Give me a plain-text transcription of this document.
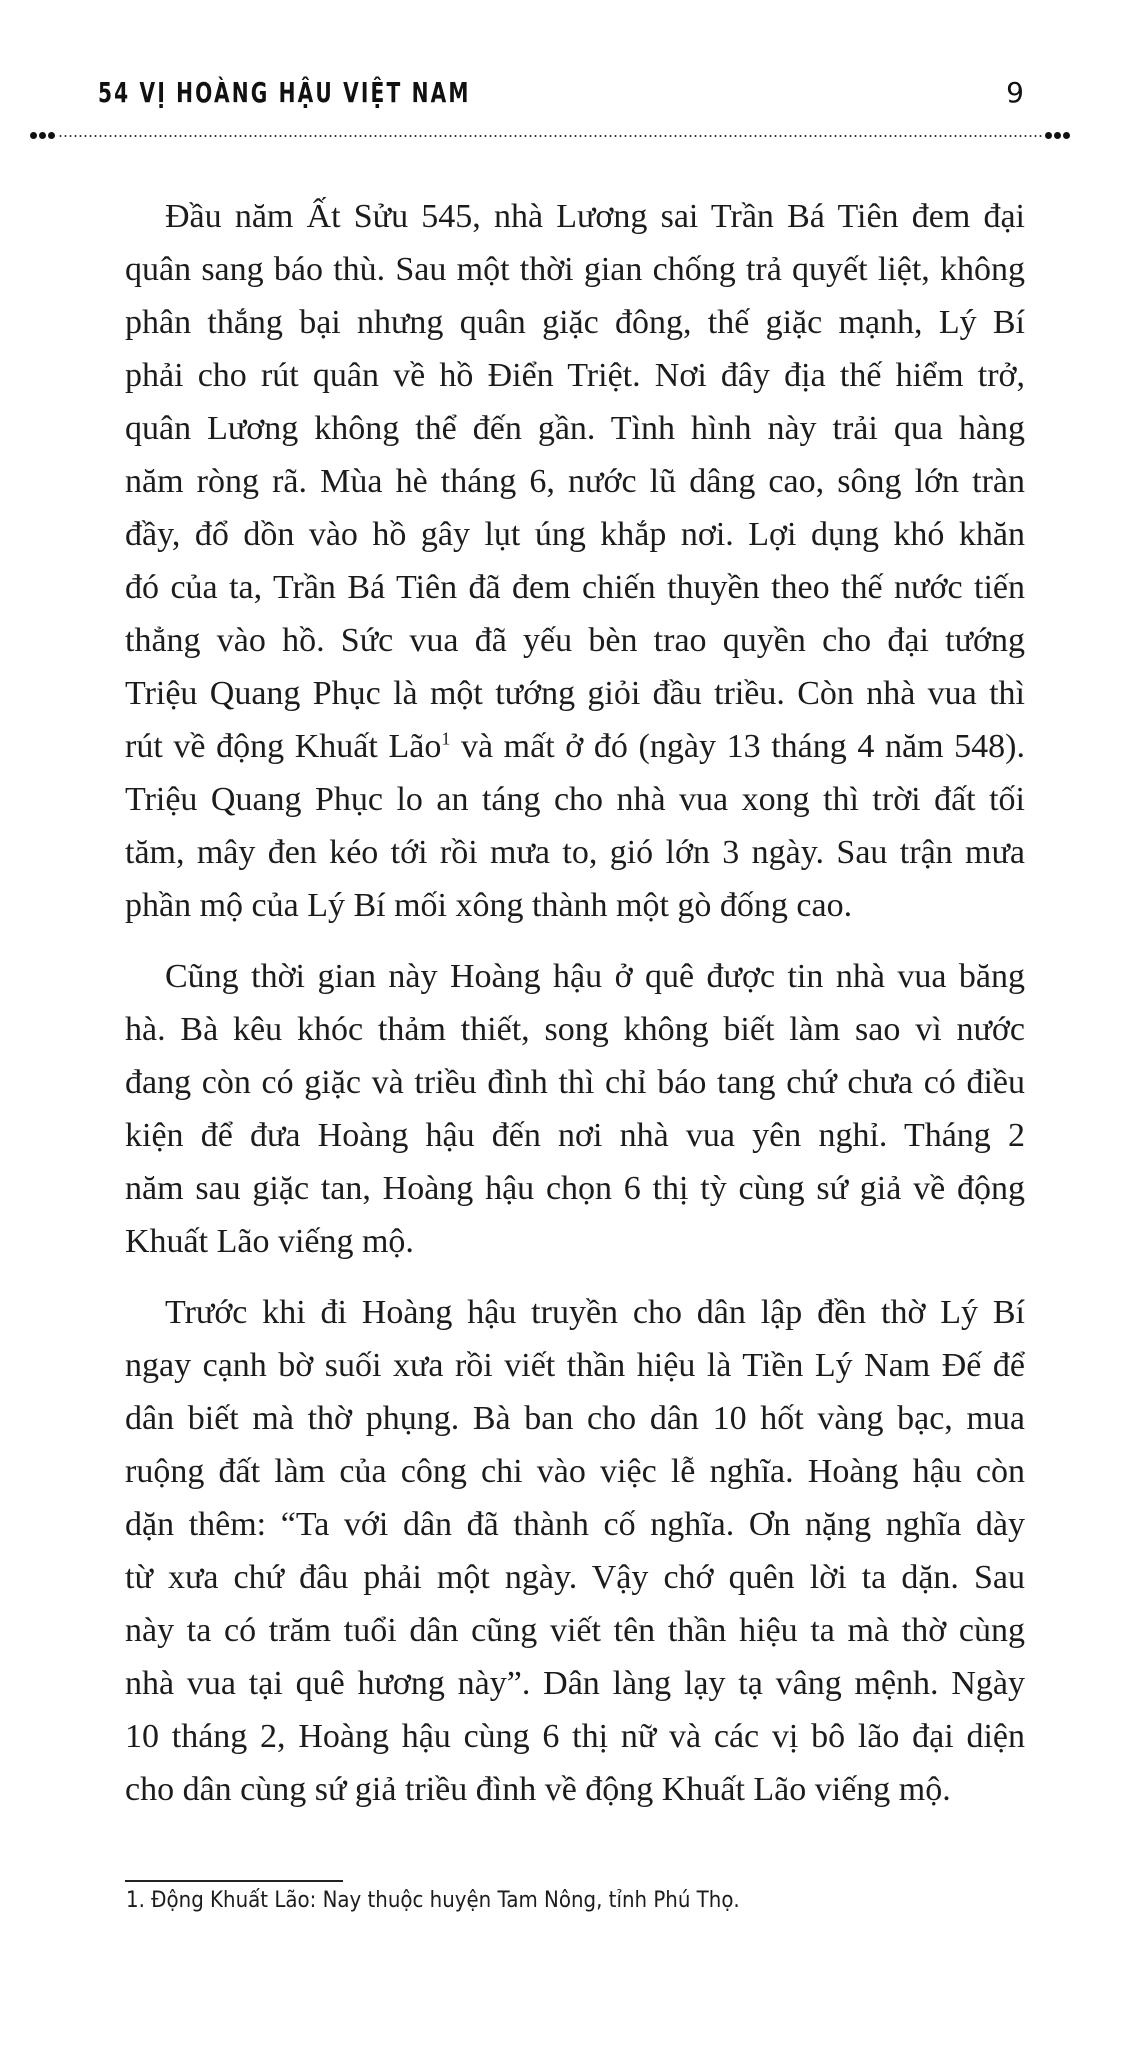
54 VỊ HOÀNG HẬU VIỆT NAM	9
Đầu năm Ất Sửu 545, nhà Lương sai Trần Bá Tiên đem đại
quân sang báo thù. Sau một thời gian chống trả quyết liệt, không
phân thắng bại nhưng quân giặc đông, thế giặc mạnh, Lý Bí
phải cho rút quân về hồ Điển Triệt. Nơi đây địa thế hiểm trở,
quân Lương không thể đến gần. Tình hình này trải qua hàng
năm ròng rã. Mùa hè tháng 6, nước lũ dâng cao, sông lớn tràn
đầy, đổ dồn vào hồ gây lụt úng khắp nơi. Lợi dụng khó khăn
đó của ta, Trần Bá Tiên đã đem chiến thuyền theo thế nước tiến
thẳng vào hồ. Sức vua đã yếu bèn trao quyền cho đại tướng
Triệu Quang Phục là một tướng giỏi đầu triều. Còn nhà vua thì
rút về động Khuất Lão$^1$ và mất ở đó (ngày 13 tháng 4 năm 548).
Triệu Quang Phục lo an táng cho nhà vua xong thì trời đất tối
tăm, mây đen kéo tới rồi mưa to, gió lớn 3 ngày. Sau trận mưa
phần mộ của Lý Bí mối xông thành một gò đống cao.
Cũng thời gian này Hoàng hậu ở quê được tin nhà vua băng
hà. Bà kêu khóc thảm thiết, song không biết làm sao vì nước
đang còn có giặc và triều đình thì chỉ báo tang chứ chưa có điều
kiện để đưa Hoàng hậu đến nơi nhà vua yên nghỉ. Tháng 2
năm sau giặc tan, Hoàng hậu chọn 6 thị tỳ cùng sứ giả về động
Khuất Lão viếng mộ.
Trước khi đi Hoàng hậu truyền cho dân lập đền thờ Lý Bí
ngay cạnh bờ suối xưa rồi viết thần hiệu là Tiền Lý Nam Đế để
dân biết mà thờ phụng. Bà ban cho dân 10 hốt vàng bạc, mua
ruộng đất làm của công chi vào việc lễ nghĩa. Hoàng hậu còn
dặn thêm: “Ta với dân đã thành cố nghĩa. Ơn nặng nghĩa dày
từ xưa chứ đâu phải một ngày. Vậy chớ quên lời ta dặn. Sau
này ta có trăm tuổi dân cũng viết tên thần hiệu ta mà thờ cùng
nhà vua tại quê hương này”. Dân làng lạy tạ vâng mệnh. Ngày
10 tháng 2, Hoàng hậu cùng 6 thị nữ và các vị bô lão đại diện
cho dân cùng sứ giả triều đình về động Khuất Lão viếng mộ.
1. Động Khuất Lão: Nay thuộc huyện Tam Nông, tỉnh Phú Thọ.
